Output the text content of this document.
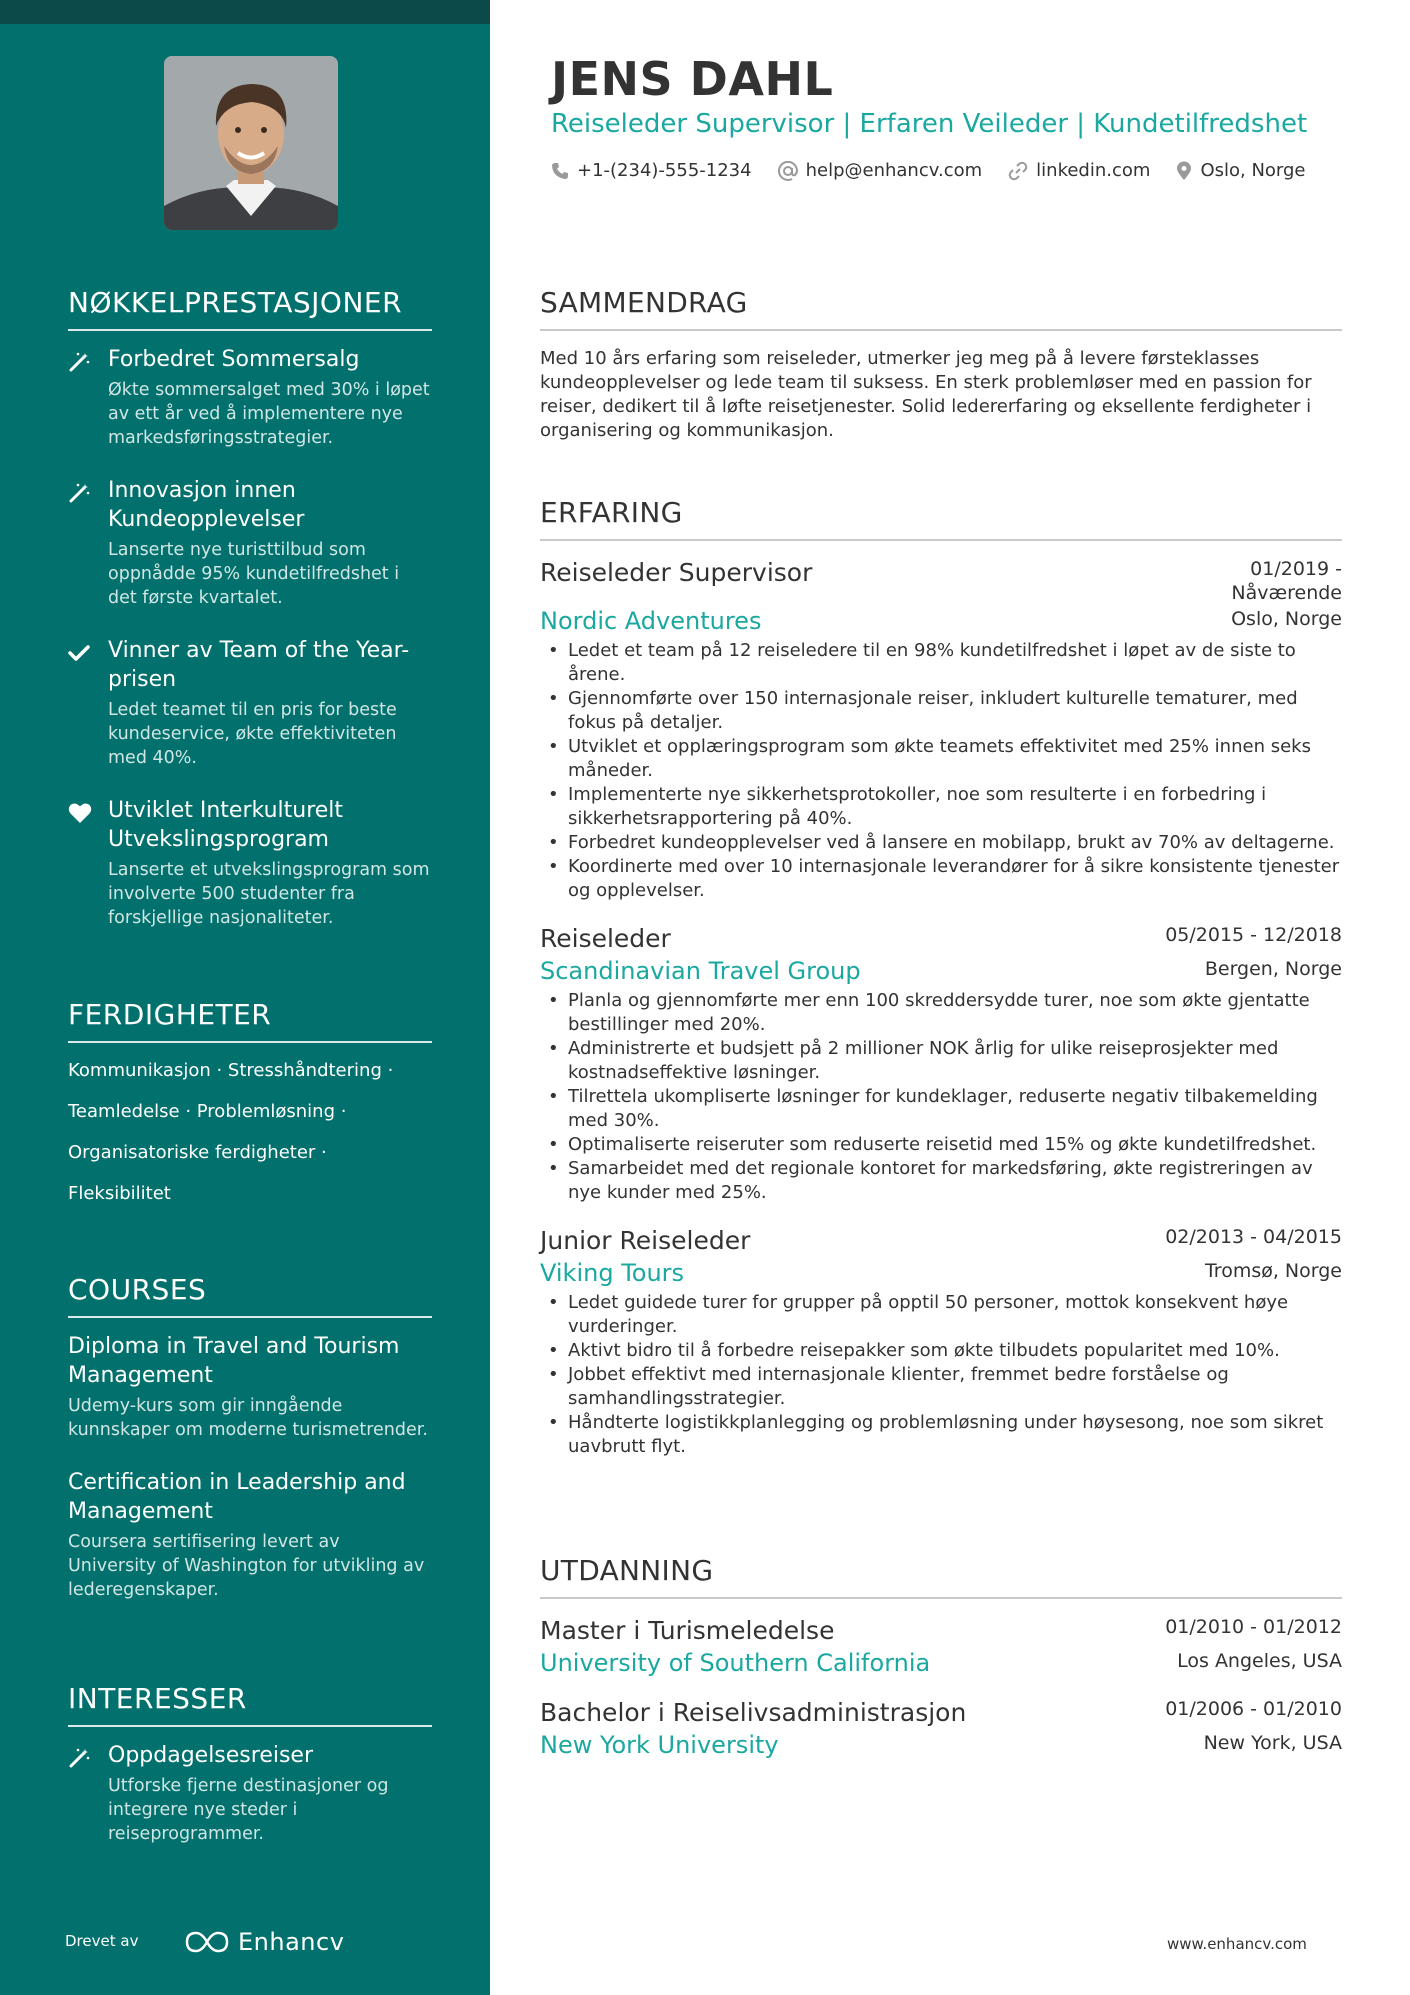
NØKKELPRESTASJONER
Forbedret Sommersalg
Økte sommersalget med 30% i løpet av ett år ved å implementere nye markedsføringsstrategier.
Innovasjon innen Kundeopplevelser
Lanserte nye turisttilbud som oppnådde 95% kundetilfredshet i det første kvartalet.
Vinner av Team of the Year-prisen
Ledet teamet til en pris for beste kundeservice, økte effektiviteten med 40%.
Utviklet Interkulturelt Utvekslingsprogram
Lanserte et utvekslingsprogram som involverte 500 studenter fra forskjellige nasjonaliteter.
FERDIGHETER
Kommunikasjon · Stresshåndtering ·
Teamledelse · Problemløsning ·
Organisatoriske ferdigheter ·
Fleksibilitet
COURSES
Diploma in Travel and Tourism Management
Udemy-kurs som gir inngående kunnskaper om moderne turismetrender.
Certification in Leadership and Management
Coursera sertifisering levert av University of Washington for utvikling av lederegenskaper.
INTERESSER
Oppdagelsesreiser
Utforske fjerne destinasjoner og integrere nye steder i reiseprogrammer.
Drevet av	Enhancv
JENS DAHL
Reiseleder Supervisor | Erfaren Veileder | Kundetilfredshet
+1-(234)-555-1234	help@enhancv.com	linkedin.com	Oslo, Norge
SAMMENDRAG
Med 10 års erfaring som reiseleder, utmerker jeg meg på å levere førsteklasses kundeopplevelser og lede team til suksess. En sterk problemløser med en passion for reiser, dedikert til å løfte reisetjenester. Solid ledererfaring og eksellente ferdigheter i organisering og kommunikasjon.
ERFARING
Reiseleder Supervisor	01/2019 -
Nåværende
Nordic Adventures	Oslo, Norge
• Ledet et team på 12 reiseledere til en 98% kundetilfredshet i løpet av de siste to årene.
• Gjennomførte over 150 internasjonale reiser, inkludert kulturelle tematurer, med fokus på detaljer.
• Utviklet et opplæringsprogram som økte teamets effektivitet med 25% innen seks måneder.
• Implementerte nye sikkerhetsprotokoller, noe som resulterte i en forbedring i sikkerhetsrapportering på 40%.
• Forbedret kundeopplevelser ved å lansere en mobilapp, brukt av 70% av deltagerne.
• Koordinerte med over 10 internasjonale leverandører for å sikre konsistente tjenester og opplevelser.
Reiseleder	05/2015 - 12/2018
Scandinavian Travel Group	Bergen, Norge
• Planla og gjennomførte mer enn 100 skreddersydde turer, noe som økte gjentatte bestillinger med 20%.
• Administrerte et budsjett på 2 millioner NOK årlig for ulike reiseprosjekter med kostnadseffektive løsninger.
• Tilrettela ukompliserte løsninger for kundeklager, reduserte negativ tilbakemelding med 30%.
• Optimaliserte reiseruter som reduserte reisetid med 15% og økte kundetilfredshet.
• Samarbeidet med det regionale kontoret for markedsføring, økte registreringen av nye kunder med 25%.
Junior Reiseleder	02/2013 - 04/2015
Viking Tours	Tromsø, Norge
• Ledet guidede turer for grupper på opptil 50 personer, mottok konsekvent høye vurderinger.
• Aktivt bidro til å forbedre reisepakker som økte tilbudets popularitet med 10%.
• Jobbet effektivt med internasjonale klienter, fremmet bedre forståelse og samhandlingsstrategier.
• Håndterte logistikkplanlegging og problemløsning under høysesong, noe som sikret uavbrutt flyt.
UTDANNING
Master i Turismeledelse	01/2010 - 01/2012
University of Southern California	Los Angeles, USA
Bachelor i Reiselivsadministrasjon	01/2006 - 01/2010
New York University	New York, USA
www.enhancv.com
